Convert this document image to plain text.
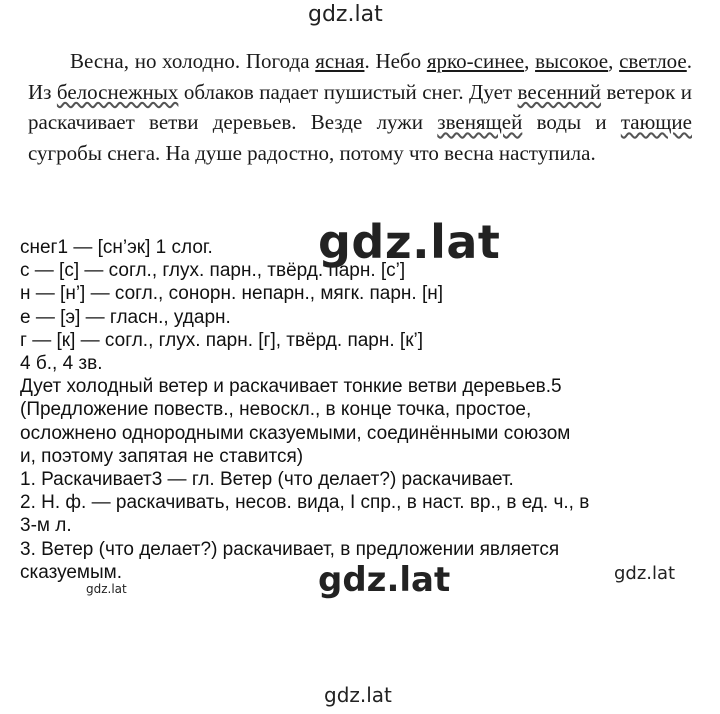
gdz.lat
Весна, но холодно. Погода ясная. Небо ярко-синее, высокое, светлое. Из белоснежных облаков падает пушистый снег. Дует весенний ветерок и раскачивает ветви деревьев. Везде лужи звенящей воды и тающие сугробы снега. На душе радостно, потому что весна наступила.
снег1 — [сн’эк] 1 слог.
с — [с] — согл., глух. парн., твёрд. парн. [с’]
н — [н’] — согл., сонорн. непарн., мягк. парн. [н]
е — [э] — гласн., ударн.
г — [к] — согл., глух. парн. [г], твёрд. парн. [к’]
4 б., 4 зв.
Дует холодный ветер и раскачивает тонкие ветви деревьев.5
(Предложение повеств., невоскл., в конце точка, простое,
осложнено однородными сказуемыми, соединёнными союзом
и, поэтому запятая не ставится)
1. Раскачивает3 — гл. Ветер (что делает?) раскачивает.
2. Н. ф. — раскачивать, несов. вида, I спр., в наст. вр., в ед. ч., в
3-м л.
3. Ветер (что делает?) раскачивает, в предложении является
сказуемым.
gdz.lat
gdz.lat	gdz.lat
gdz.lat
gdz.lat
